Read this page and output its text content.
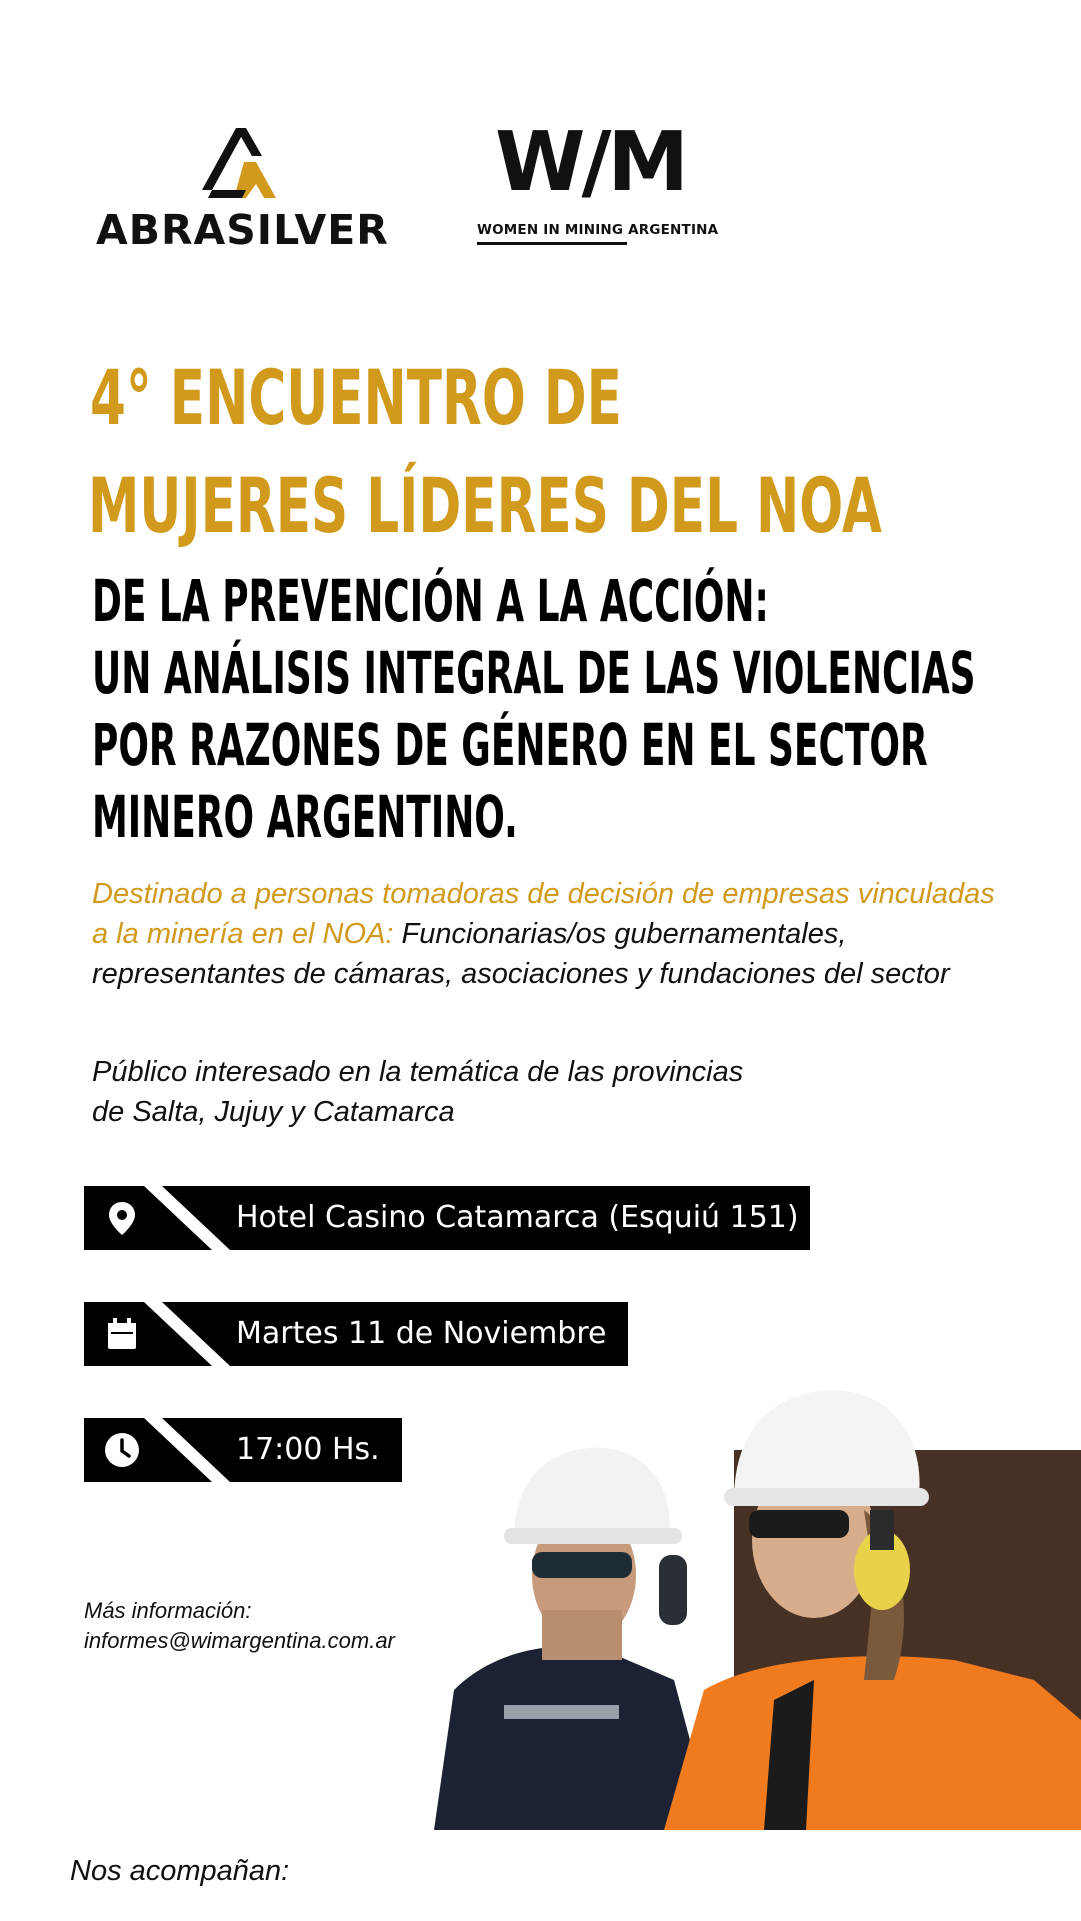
ABRASILVER
W/M
WOMEN IN MINING ARGENTINA
4° ENCUENTRO DE
MUJERES LÍDERES DEL NOA
DE LA PREVENCIÓN A LA ACCIÓN:
UN ANÁLISIS INTEGRAL DE LAS VIOLENCIAS
POR RAZONES DE GÉNERO EN EL SECTOR
MINERO ARGENTINO.

Destinado a personas tomadoras de decisión de empresas vinculadas a la minería en el NOA: Funcionarias/os gubernamentales, representantes de cámaras, asociaciones y fundaciones del sector

Público interesado en la temática de las provincias de Salta, Jujuy y Catamarca

Hotel Casino Catamarca (Esquiú 151)
Martes 11 de Noviembre
17:00 Hs.

Más información:

informes@wimargentina.com.ar

Nos acompañan:
